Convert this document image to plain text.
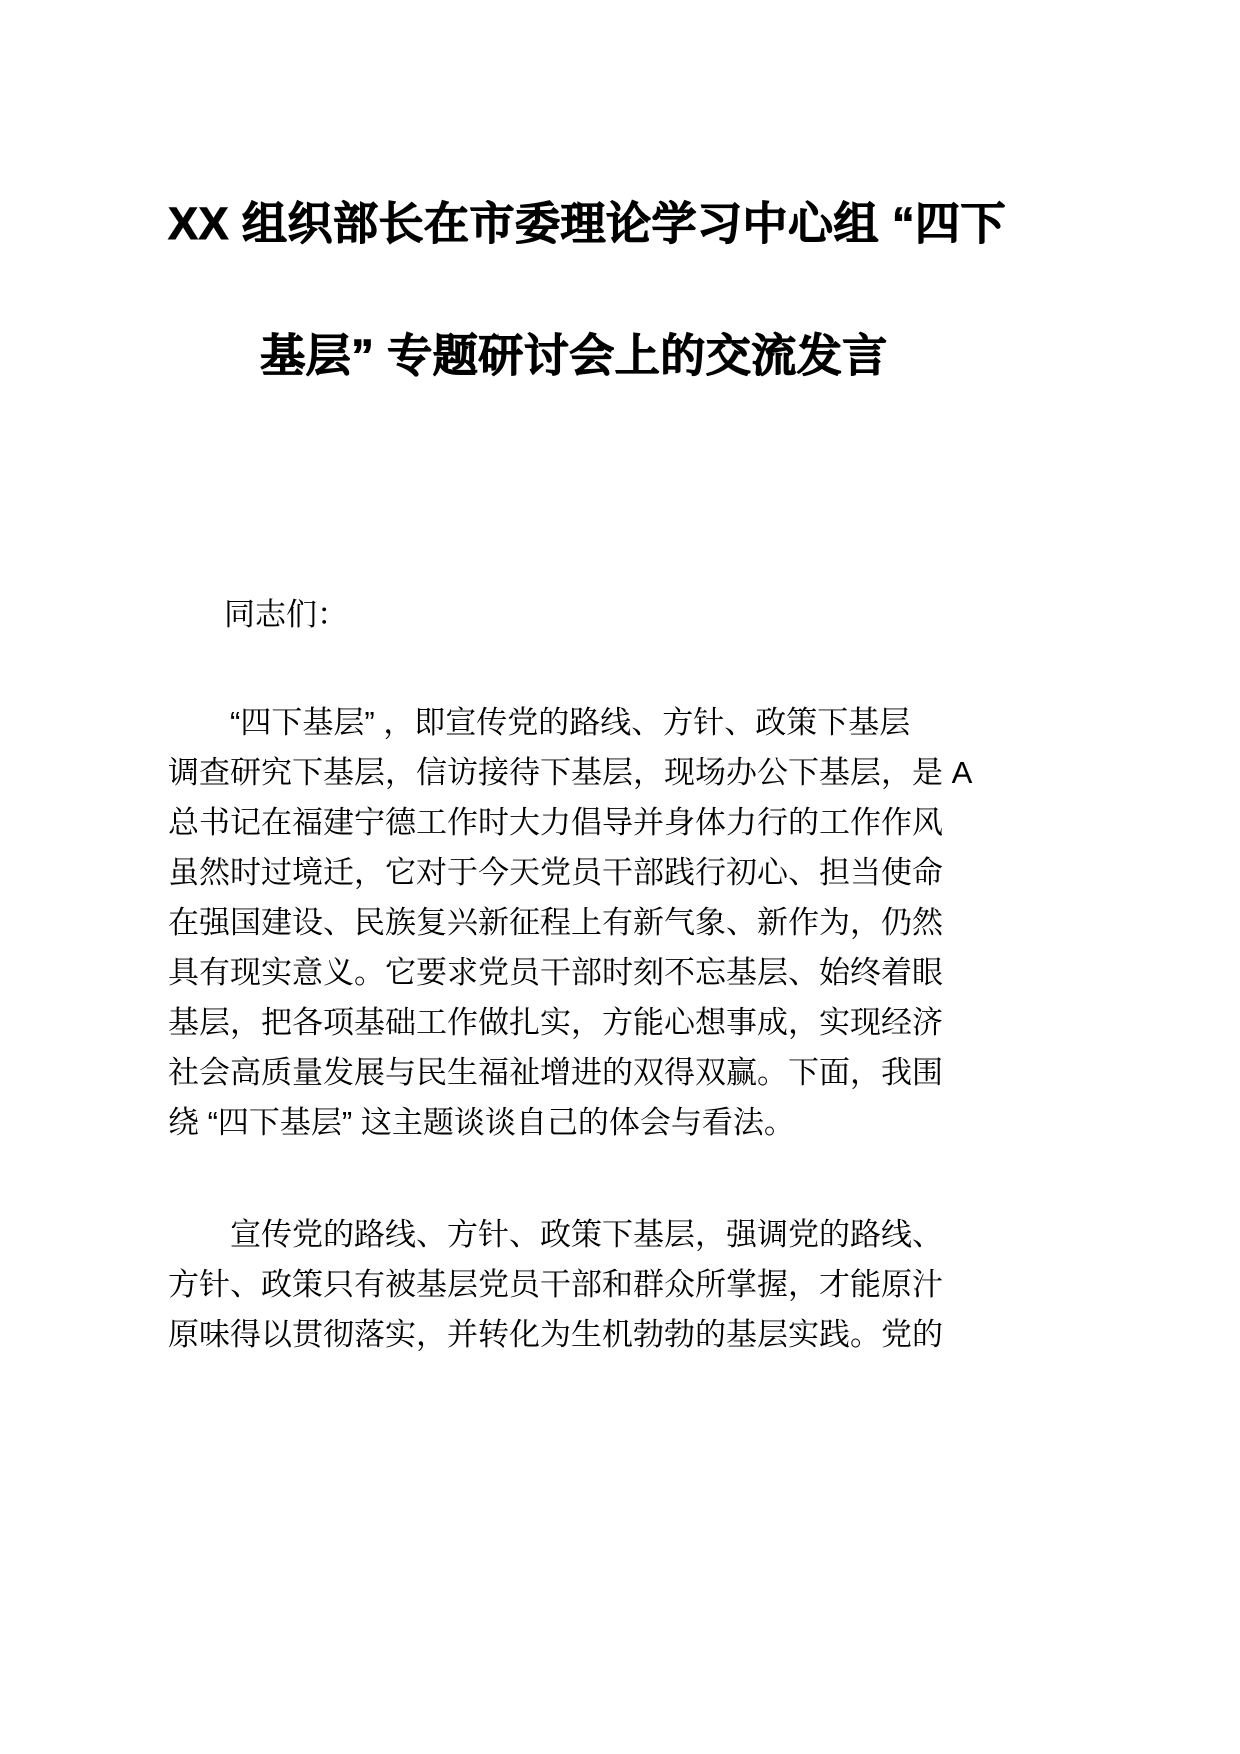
XX 组织部长在市委理论学习中心组 “四下
基层” 专题研讨会上的交流发言

同志们：

“四下基层” ，即宣传党的路线、方针、政策下基层
调查研究下基层，信访接待下基层，现场办公下基层，是 A
总书记在福建宁德工作时大力倡导并身体力行的工作作风
虽然时过境迁，它对于今天党员干部践行初心、担当使命
在强国建设、民族复兴新征程上有新气象、新作为，仍然
具有现实意义。它要求党员干部时刻不忘基层、始终着眼
基层，把各项基础工作做扎实，方能心想事成，实现经济
社会高质量发展与民生福祉增进的双得双赢。下面，我围
绕 “四下基层” 这主题谈谈自己的体会与看法。

宣传党的路线、方针、政策下基层，强调党的路线、
方针、政策只有被基层党员干部和群众所掌握，才能原汁
原味得以贯彻落实，并转化为生机勃勃的基层实践。党的
